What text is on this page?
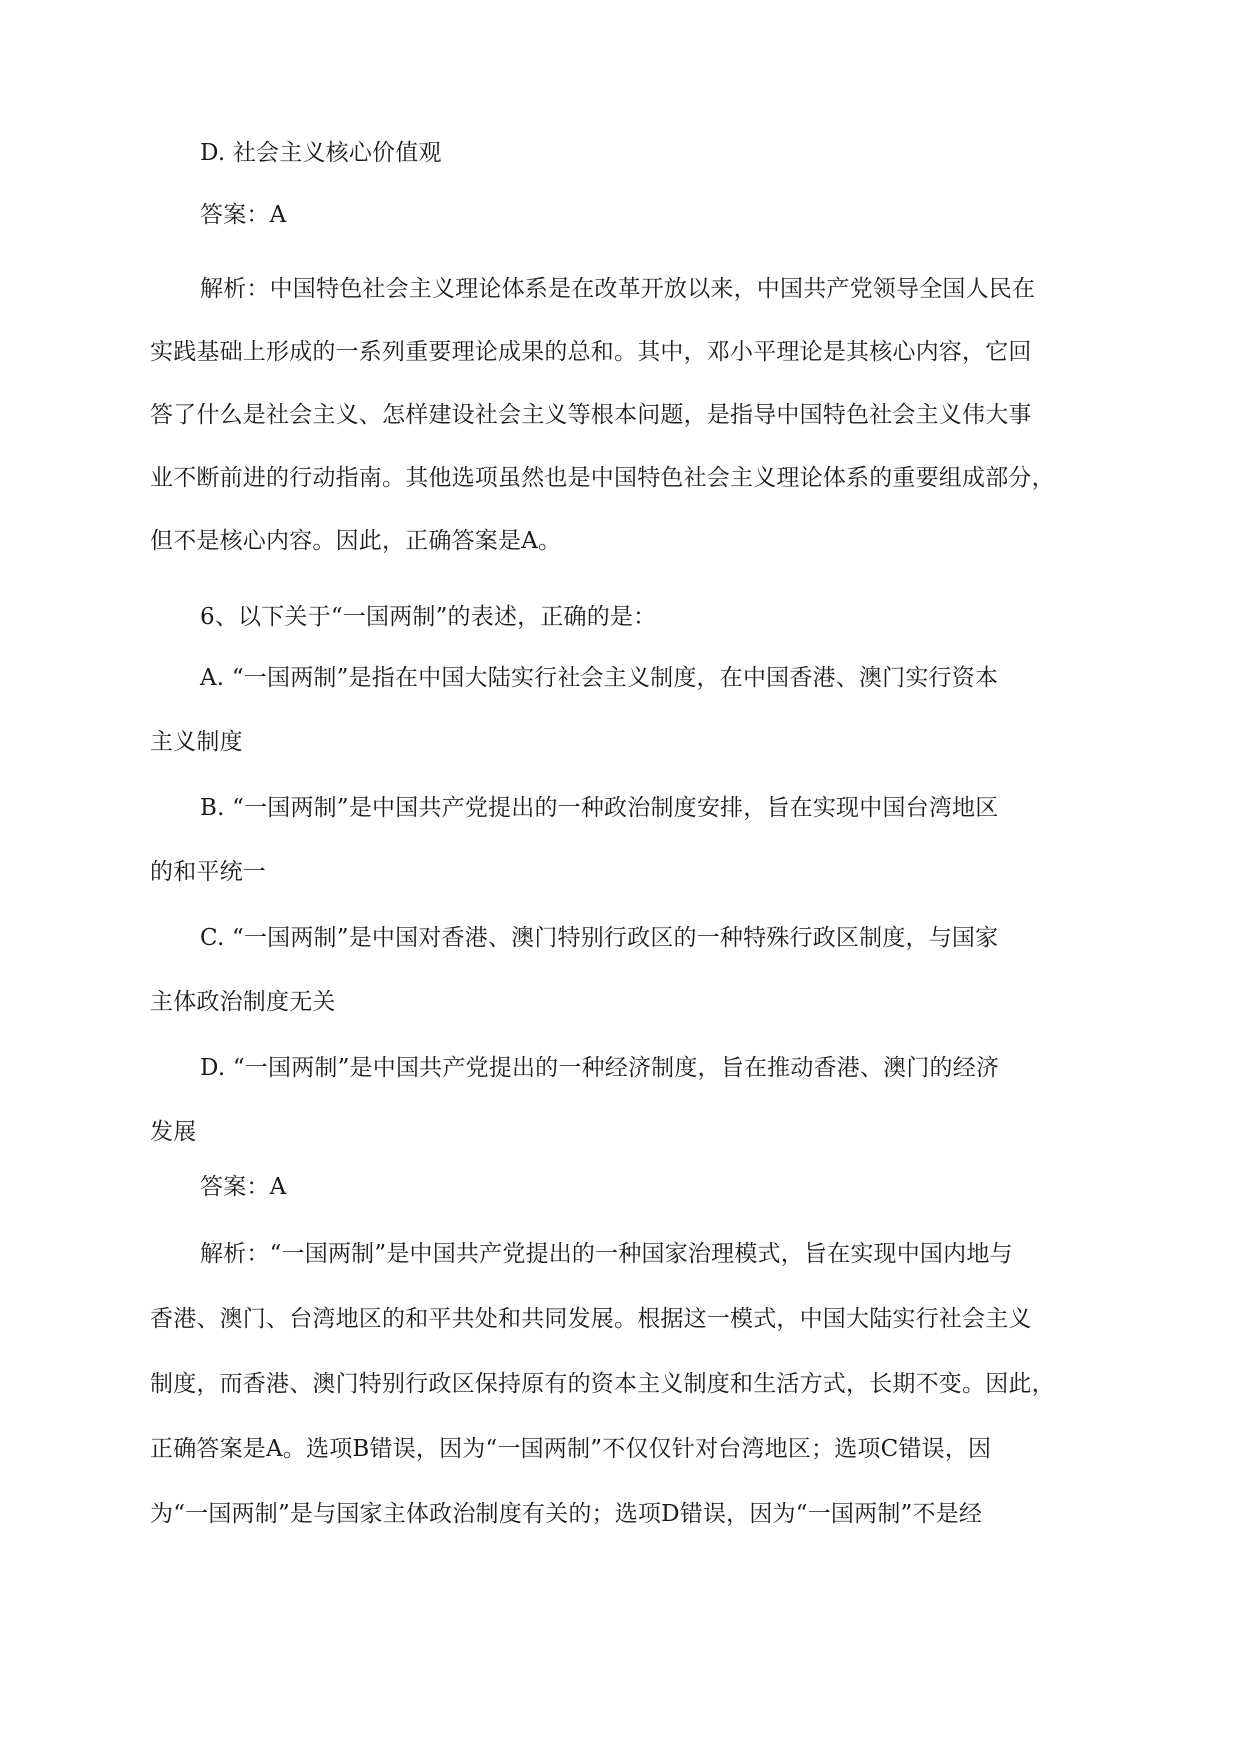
D. 社会主义核心价值观
答案：A
解析：中国特色社会主义理论体系是在改革开放以来，中国共产党领导全国人民在
实践基础上形成的一系列重要理论成果的总和。其中，邓小平理论是其核心内容，它回
答了什么是社会主义、怎样建设社会主义等根本问题，是指导中国特色社会主义伟大事
业不断前进的行动指南。其他选项虽然也是中国特色社会主义理论体系的重要组成部分，
但不是核心内容。因此，正确答案是A。
6、以下关于“一国两制”的表述，正确的是：
A. “一国两制”是指在中国大陆实行社会主义制度，在中国香港、澳门实行资本
主义制度
B. “一国两制”是中国共产党提出的一种政治制度安排，旨在实现中国台湾地区
的和平统一
C. “一国两制”是中国对香港、澳门特别行政区的一种特殊行政区制度，与国家
主体政治制度无关
D. “一国两制”是中国共产党提出的一种经济制度，旨在推动香港、澳门的经济
发展
答案：A
解析：“一国两制”是中国共产党提出的一种国家治理模式，旨在实现中国内地与
香港、澳门、台湾地区的和平共处和共同发展。根据这一模式，中国大陆实行社会主义
制度，而香港、澳门特别行政区保持原有的资本主义制度和生活方式，长期不变。因此，
正确答案是A。选项B错误，因为“一国两制”不仅仅针对台湾地区；选项C错误，因
为“一国两制”是与国家主体政治制度有关的；选项D错误，因为“一国两制”不是经
